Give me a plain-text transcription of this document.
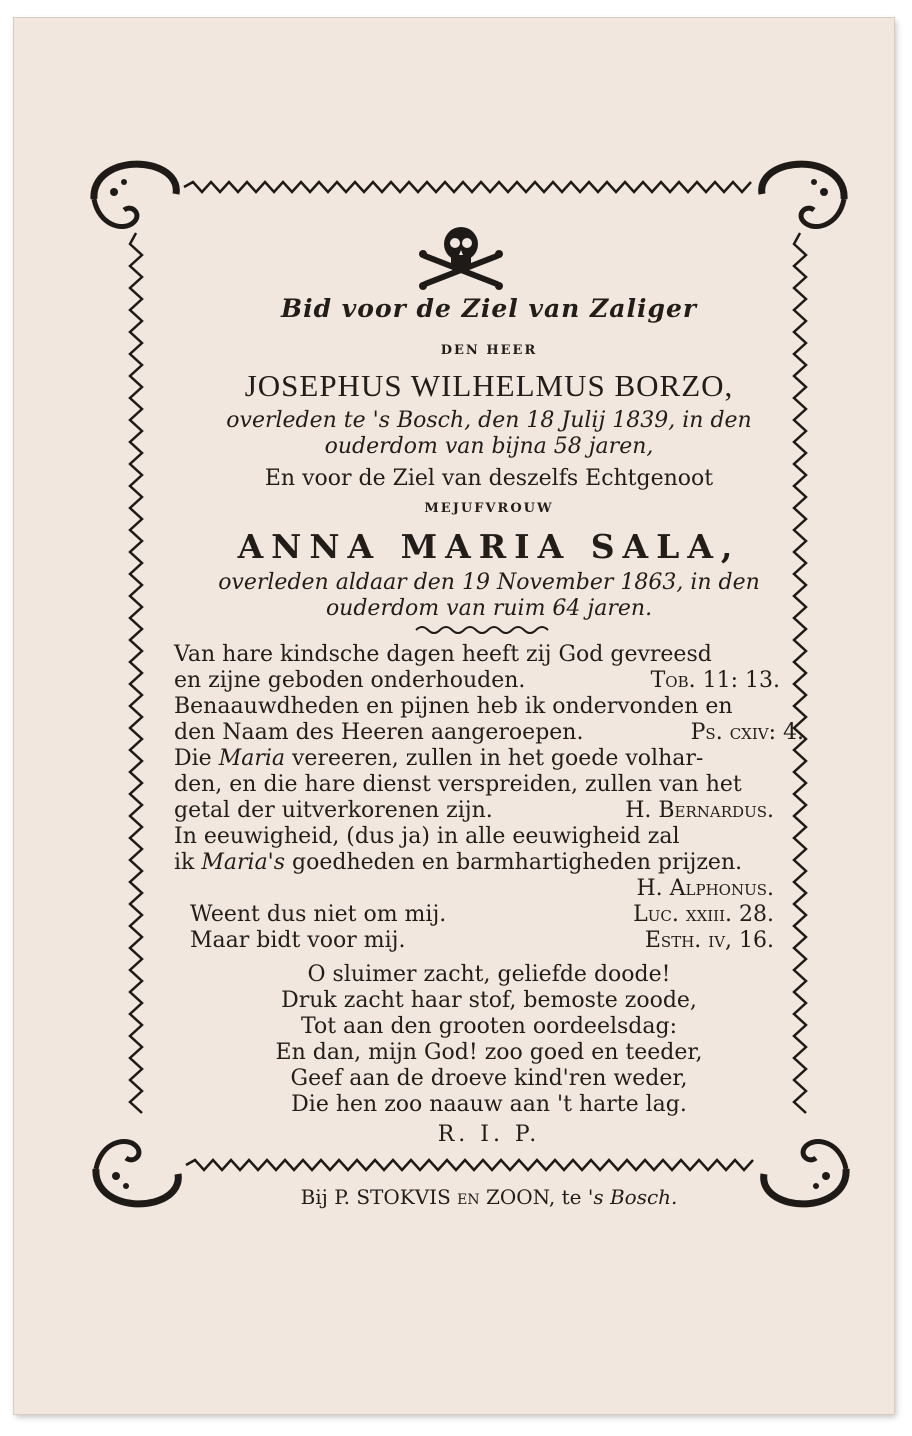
Bid voor de Ziel van Zaliger
DEN HEER
JOSEPHUS WILHELMUS BORZO,
overleden te 's Bosch, den 18 Julij 1839, in den
ouderdom van bijna 58 jaren,
En voor de Ziel van deszelfs Echtgenoot
MEJUFVROUW
ANNA MARIA SALA,
overleden aldaar den 19 November 1863, in den
ouderdom van ruim 64 jaren.
Van hare kindsche dagen heeft zij God gevreesd
en zijne geboden onderhouden.	Tob. 11: 13.
Benaauwdheden en pijnen heb ik ondervonden en
den Naam des Heeren aangeroepen.	Ps. cxiv: 4.
Die Maria vereeren, zullen in het goede volhar-
den, en die hare dienst verspreiden, zullen van het
getal der uitverkorenen zijn.	H. Bernardus.
In eeuwigheid, (dus ja) in alle eeuwigheid zal
ik Maria's goedheden en barmhartigheden prijzen.
H. Alphonus.
Weent dus niet om mij.	Luc. xxiii. 28.
Maar bidt voor mij.	Esth. iv, 16.
O sluimer zacht, geliefde doode!
Druk zacht haar stof, bemoste zoode,
Tot aan den grooten oordeelsdag:
En dan, mijn God! zoo goed en teeder,
Geef aan de droeve kind'ren weder,
Die hen zoo naauw aan 't harte lag.
R. I. P.
Bij P. STOKVIS en ZOON, te 's Bosch.
